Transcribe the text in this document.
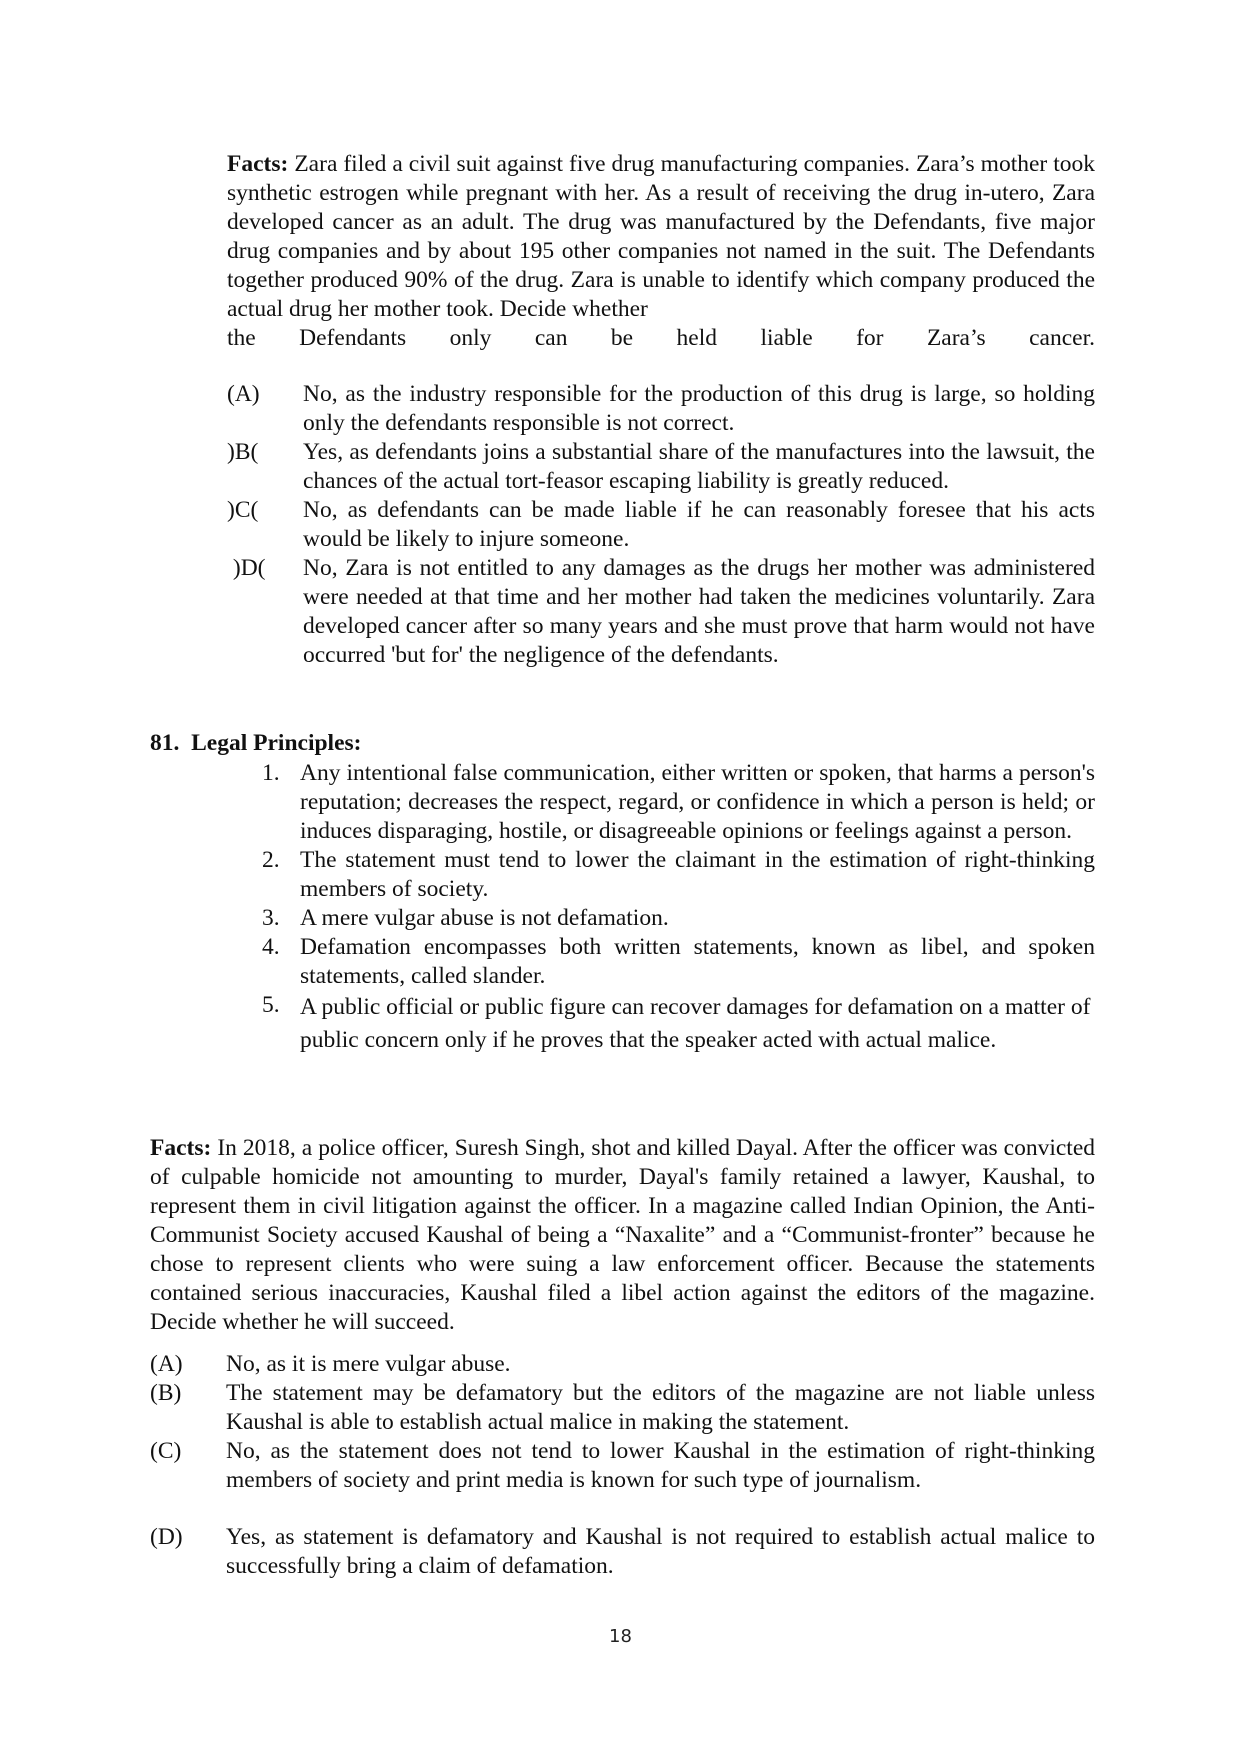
Facts: Zara filed a civil suit against five drug manufacturing companies. Zara’s mother took synthetic estrogen while pregnant with her. As a result of receiving the drug in-utero, Zara developed cancer as an adult. The drug was manufactured by the Defendants, five major drug companies and by about 195 other companies not named in the suit. The Defendants together produced 90% of the drug. Zara is unable to identify which company produced the actual drug her mother took. Decide whether
the Defendants only can be held liable for Zara’s cancer.
(A)	No, as the industry responsible for the production of this drug is large, so holding only the defendants responsible is not correct.
)B(	Yes, as defendants joins a substantial share of the manufactures into the lawsuit, the chances of the actual tort-feasor escaping liability is greatly reduced.
)C(	No, as defendants can be made liable if he can reasonably foresee that his acts would be likely to injure someone.
)D(	No, Zara is not entitled to any damages as the drugs her mother was administered were needed at that time and her mother had taken the medicines voluntarily. Zara developed cancer after so many years and she must prove that harm would not have occurred 'but for' the negligence of the defendants.
81.  Legal Principles:
1. Any intentional false communication, either written or spoken, that harms a person's reputation; decreases the respect, regard, or confidence in which a person is held; or induces disparaging, hostile, or disagreeable opinions or feelings against a person.
2. The statement must tend to lower the claimant in the estimation of right-thinking members of society.
3. A mere vulgar abuse is not defamation.
4. Defamation encompasses both written statements, known as libel, and spoken statements, called slander.
5. A public official or public figure can recover damages for defamation on a matter of public concern only if he proves that the speaker acted with actual malice.
Facts: In 2018, a police officer, Suresh Singh, shot and killed Dayal. After the officer was convicted of culpable homicide not amounting to murder, Dayal's family retained a lawyer, Kaushal, to represent them in civil litigation against the officer. In a magazine called Indian Opinion, the Anti-Communist Society accused Kaushal of being a “Naxalite” and a “Communist-fronter” because he chose to represent clients who were suing a law enforcement officer. Because the statements contained serious inaccuracies, Kaushal filed a libel action against the editors of the magazine. Decide whether he will succeed.
(A)	No, as it is mere vulgar abuse.
(B)	The statement may be defamatory but the editors of the magazine are not liable unless Kaushal is able to establish actual malice in making the statement.
(C)	No, as the statement does not tend to lower Kaushal in the estimation of right-thinking members of society and print media is known for such type of journalism.
(D)	Yes, as statement is defamatory and Kaushal is not required to establish actual malice to successfully bring a claim of defamation.
18
